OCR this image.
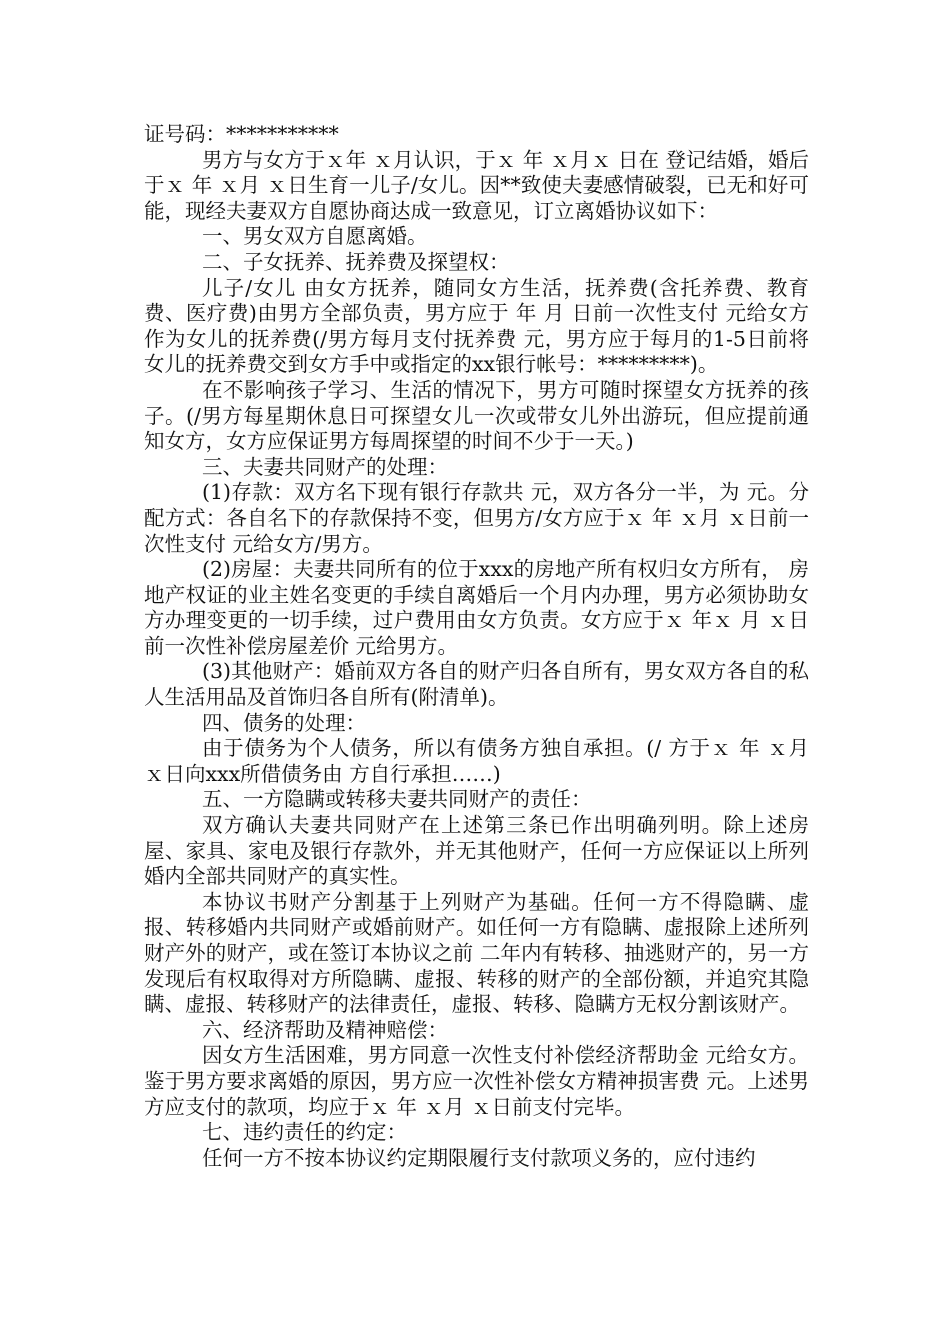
证号码：***********

男方与女方于ｘ年 ｘ月认识，于ｘ 年 ｘ月ｘ 日在 登记结婚，婚后于ｘ 年 ｘ月 ｘ日生育一儿子/女儿。因**致使夫妻感情破裂，已无和好可能，现经夫妻双方自愿协商达成一致意见，订立离婚协议如下：

一、男女双方自愿离婚。

二、子女抚养、抚养费及探望权：

儿子/女儿 由女方抚养，随同女方生活，抚养费(含托养费、教育费、医疗费)由男方全部负责，男方应于 年 月 日前一次性支付 元给女方作为女儿的抚养费(/男方每月支付抚养费 元，男方应于每月的1-5日前将女儿的抚养费交到女方手中或指定的xx银行帐号：*********)。

在不影响孩子学习、生活的情况下，男方可随时探望女方抚养的孩子。(/男方每星期休息日可探望女儿一次或带女儿外出游玩，但应提前通知女方，女方应保证男方每周探望的时间不少于一天。)

三、夫妻共同财产的处理：

(1)存款：双方名下现有银行存款共 元，双方各分一半，为 元。分配方式：各自名下的存款保持不变，但男方/女方应于ｘ 年 ｘ月 ｘ日前一次性支付 元给女方/男方。

(2)房屋：夫妻共同所有的位于xxx的房地产所有权归女方所有， 房地产权证的业主姓名变更的手续自离婚后一个月内办理，男方必须协助女方办理变更的一切手续，过户费用由女方负责。女方应于ｘ 年ｘ 月 ｘ日前一次性补偿房屋差价 元给男方。

(3)其他财产：婚前双方各自的财产归各自所有，男女双方各自的私人生活用品及首饰归各自所有(附清单)。

四、债务的处理：

由于债务为个人债务，所以有债务方独自承担。(/ 方于ｘ 年 ｘ月 ｘ日向xxx所借债务由 方自行承担……)

五、一方隐瞒或转移夫妻共同财产的责任：

双方确认夫妻共同财产在上述第三条已作出明确列明。除上述房屋、家具、家电及银行存款外，并无其他财产，任何一方应保证以上所列婚内全部共同财产的真实性。

本协议书财产分割基于上列财产为基础。任何一方不得隐瞒、虚报、转移婚内共同财产或婚前财产。如任何一方有隐瞒、虚报除上述所列财产外的财产，或在签订本协议之前 二年内有转移、抽逃财产的，另一方发现后有权取得对方所隐瞒、虚报、转移的财产的全部份额，并追究其隐瞒、虚报、转移财产的法律责任，虚报、转移、隐瞒方无权分割该财产。

六、经济帮助及精神赔偿：

因女方生活困难，男方同意一次性支付补偿经济帮助金 元给女方。鉴于男方要求离婚的原因，男方应一次性补偿女方精神损害费 元。上述男方应支付的款项，均应于ｘ 年 ｘ月 ｘ日前支付完毕。

七、违约责任的约定：

任何一方不按本协议约定期限履行支付款项义务的，应付违约
